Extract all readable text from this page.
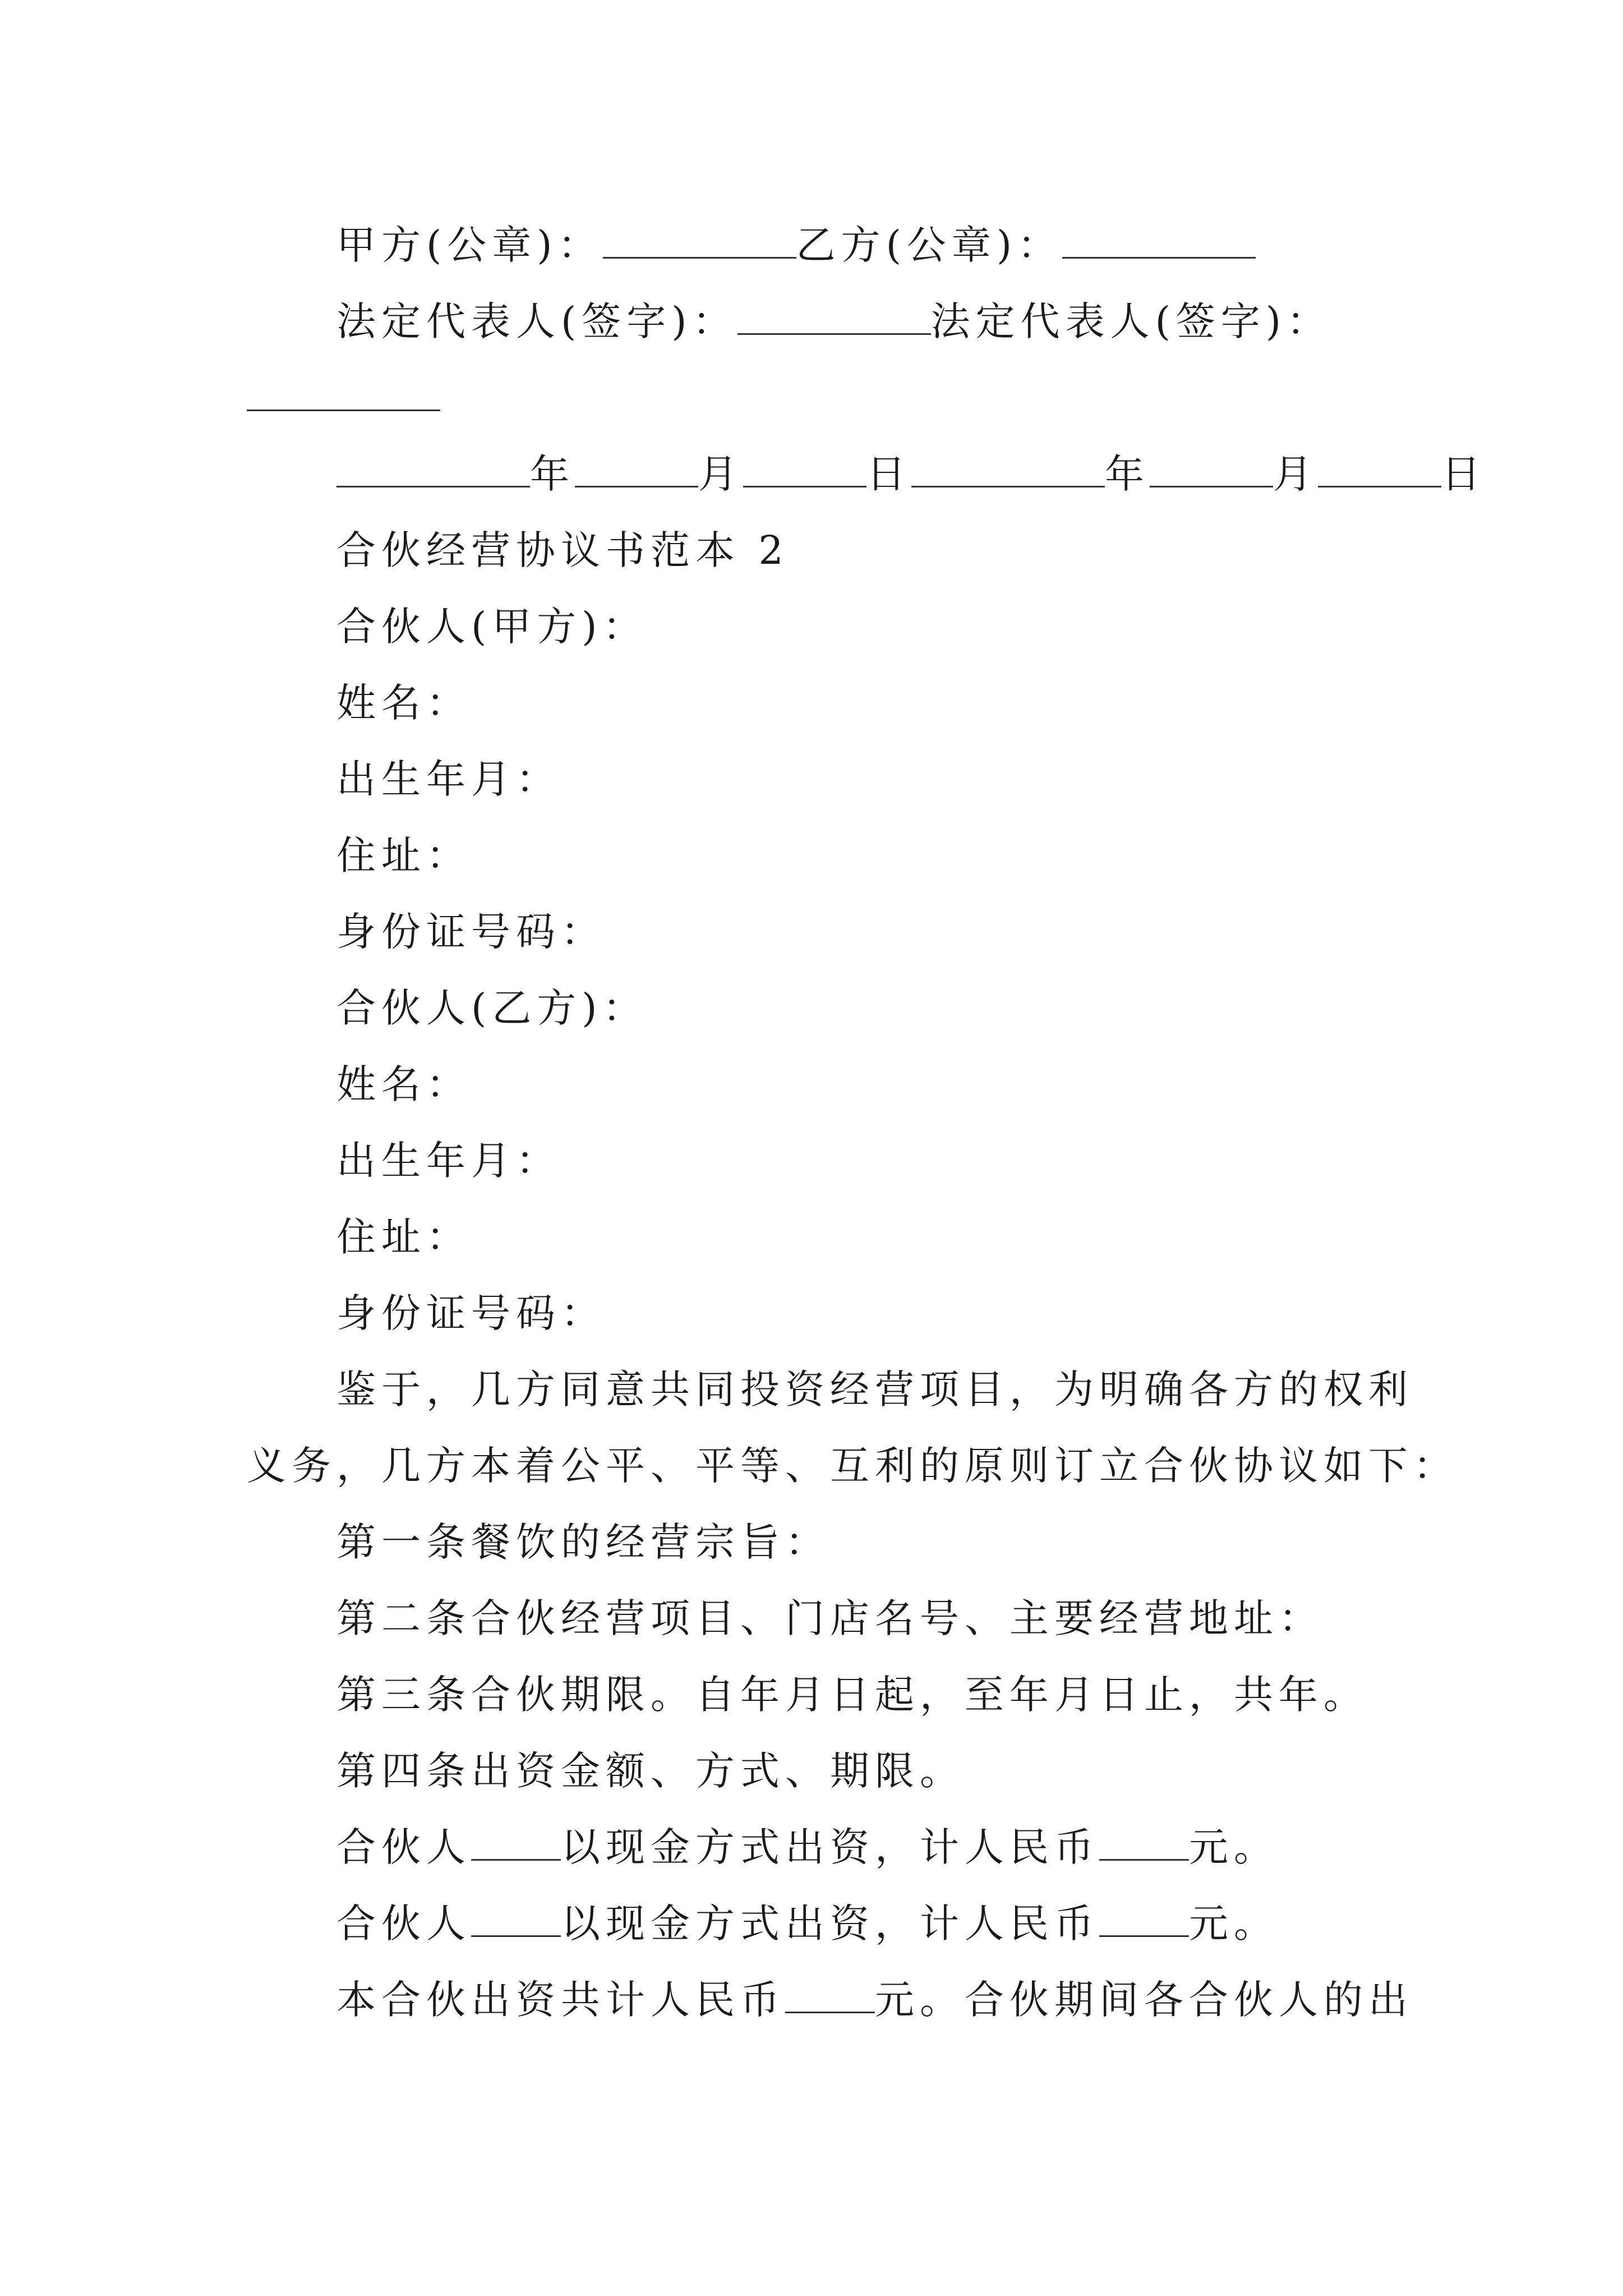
甲方(公章)：	乙方(公章)：
法定代表人(签字)：	法定代表人(签字)：
年	月	日	年	月	日
合伙经营协议书范本 2
合伙人(甲方)：
姓名：
出生年月：
住址：
身份证号码：
合伙人(乙方)：
姓名：
出生年月：
住址：
身份证号码：
鉴于，几方同意共同投资经营项目，为明确各方的权利
义务，几方本着公平、平等、互利的原则订立合伙协议如下：
第一条餐饮的经营宗旨：
第二条合伙经营项目、门店名号、主要经营地址：
第三条合伙期限。自年月日起，至年月日止，共年。
第四条出资金额、方式、期限。
合伙人 以现金方式出资，计人民币 元。
合伙人 以现金方式出资，计人民币 元。
本合伙出资共计人民币 元。合伙期间各合伙人的出
